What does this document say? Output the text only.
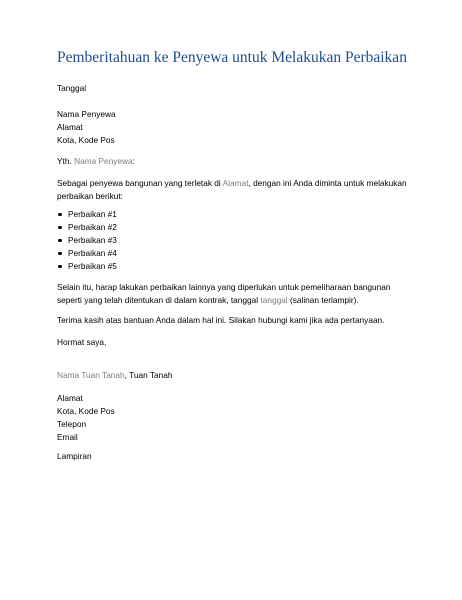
Pemberitahuan ke Penyewa untuk Melakukan Perbaikan
Tanggal
Nama Penyewa
Alamat
Kota, Kode Pos
Yth. Nama Penyewa:
Sebagai penyewa bangunan yang terletak di Alamat, dengan ini Anda diminta untuk melakukan
perbaikan berikut:
Perbaikan #1
Perbaikan #2
Perbaikan #3
Perbaikan #4
Perbaikan #5
Selain itu, harap lakukan perbaikan lainnya yang diperlukan untuk pemeliharaan bangunan
seperti yang telah ditentukan di dalam kontrak, tanggal tanggal (salinan terlampir).
Terima kasih atas bantuan Anda dalam hal ini. Silakan hubungi kami jika ada pertanyaan.
Hormat saya,
Nama Tuan Tanah, Tuan Tanah
Alamat
Kota, Kode Pos
Telepon
Email
Lampiran
